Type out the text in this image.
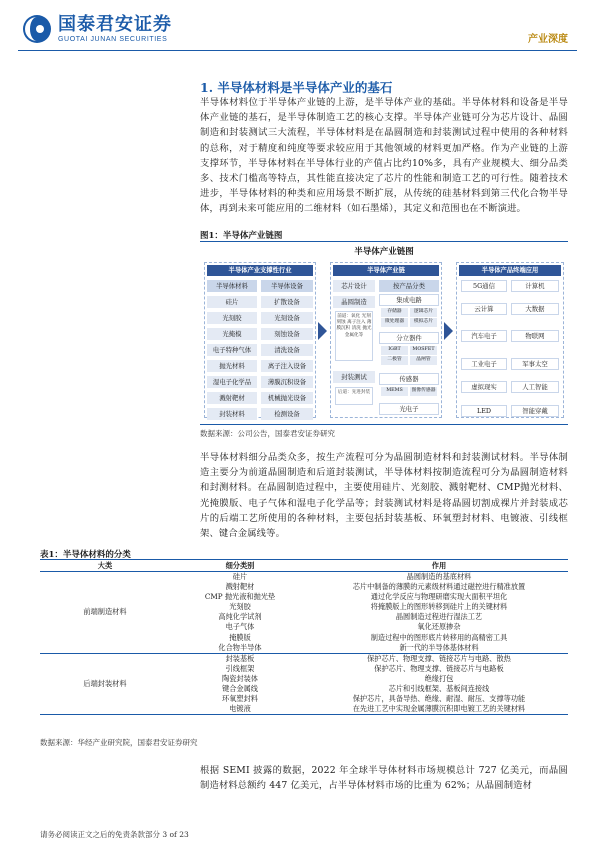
国泰君安证券
GUOTAI JUNAN SECURITIES	产业深度
1. 半导体材料是半导体产业的基石
半导体材料位于半导体产业链的上游，是半导体产业的基础。半导体材料和设备是半导体产业链的基石，是半导体制造工艺的核心支撑。半导体产业链可分为芯片设计、晶圆制造和封装测试三大流程，半导体材料是在晶圆制造和封装测试过程中使用的各种材料的总称，对于精度和纯度等要求较应用于其他领域的材料更加严格。作为产业链的上游支撑环节，半导体材料在半导体行业的产值占比约10%多，具有产业规模大、细分品类多、技术门槛高等特点，其性能直接决定了芯片的性能和制造工艺的可行性。随着技术进步，半导体材料的种类和应用场景不断扩展，从传统的硅基材料到第三代化合物半导体，再到未来可能应用的二维材料（如石墨烯），其定义和范围也在不断演进。
图1：半导体产业链图
半导体产业链图
半导体产业支撑性行业
半导体材料
硅片
光刻胶
光掩模
电子特种气体
抛光材料
湿电子化学品
溅射靶材
封装材料
半导体设备
扩散设备
光刻设备
刻蚀设备
清洗设备
离子注入设备
薄膜沉积设备
机械抛光设备
检测设备
半导体产业链
芯片设计	按产品分类
晶圆制造
前道：氧化 光刻 刻蚀 离子注入 薄膜沉积 清洗 抛光 金属化等
集成电路
存储器	逻辑芯片
微处理器	模拟芯片
分立器件
IGBT	MOSFET
二极管	晶闸管
封装测试
后道：先进封装
传感器
MEMS	图像传感器
光电子
半导体产品终端应用
5G通信
云计算
汽车电子
工业电子
虚拟现实
LED
计算机
大数据
物联网
军事太空
人工智能
智能穿戴
数据来源：公司公告，国泰君安证券研究
半导体材料细分品类众多，按生产流程可分为晶圆制造材料和封装测试材料。半导体制造主要分为前道晶圆制造和后道封装测试，半导体材料按制造流程可分为晶圆制造材料和封测材料。在晶圆制造过程中，主要使用硅片、光刻胶、溅射靶材、CMP抛光材料、光掩膜版、电子气体和湿电子化学品等；封装测试材料是将晶圆切割成裸片并封装成芯片的后端工艺所使用的各种材料，主要包括封装基板、环氧塑封材料、电镀液、引线框架、键合金属线等。
表1：半导体材料的分类
大类	细分类别	作用
前端制造材料	硅片	晶圆制造的基底材料
	溅射靶材	芯片中制备的薄膜的元素级材料通过磁控进行精准放置
	CMP 抛光液和抛光垫	通过化学反应与物理研磨实现大面积平坦化
	光刻胶	将掩膜版上的图形转移到硅片上的关键材料
	高纯化学试剂	晶圆制造过程进行湿法工艺
	电子气体	氧化还原掺杂
	掩膜版	制造过程中的图形底片转移用的高精密工具
	化合物半导体	新一代的半导体基体材料
后端封装材料	封装基板	保护芯片、物理支撑、链接芯片与电路、散热
	引线框架	保护芯片、物理支撑、链接芯片与电路板
	陶瓷封装体	绝缘打包
	键合金属线	芯片和引线框架、基板间连接线
	环氧塑封料	保护芯片，具备导热、绝缘、耐湿、耐压、支撑等功能
	电镀液	在先进工艺中实现金属薄膜沉积即电镀工艺的关键材料
数据来源：华经产业研究院，国泰君安证券研究
根据 SEMI 披露的数据，2022 年全球半导体材料市场规模总计 727 亿美元，而晶圆制造材料总额约 447 亿美元，占半导体材料市场的比重为 62%；从晶圆制造材
请务必阅读正文之后的免责条款部分 3 of 23
